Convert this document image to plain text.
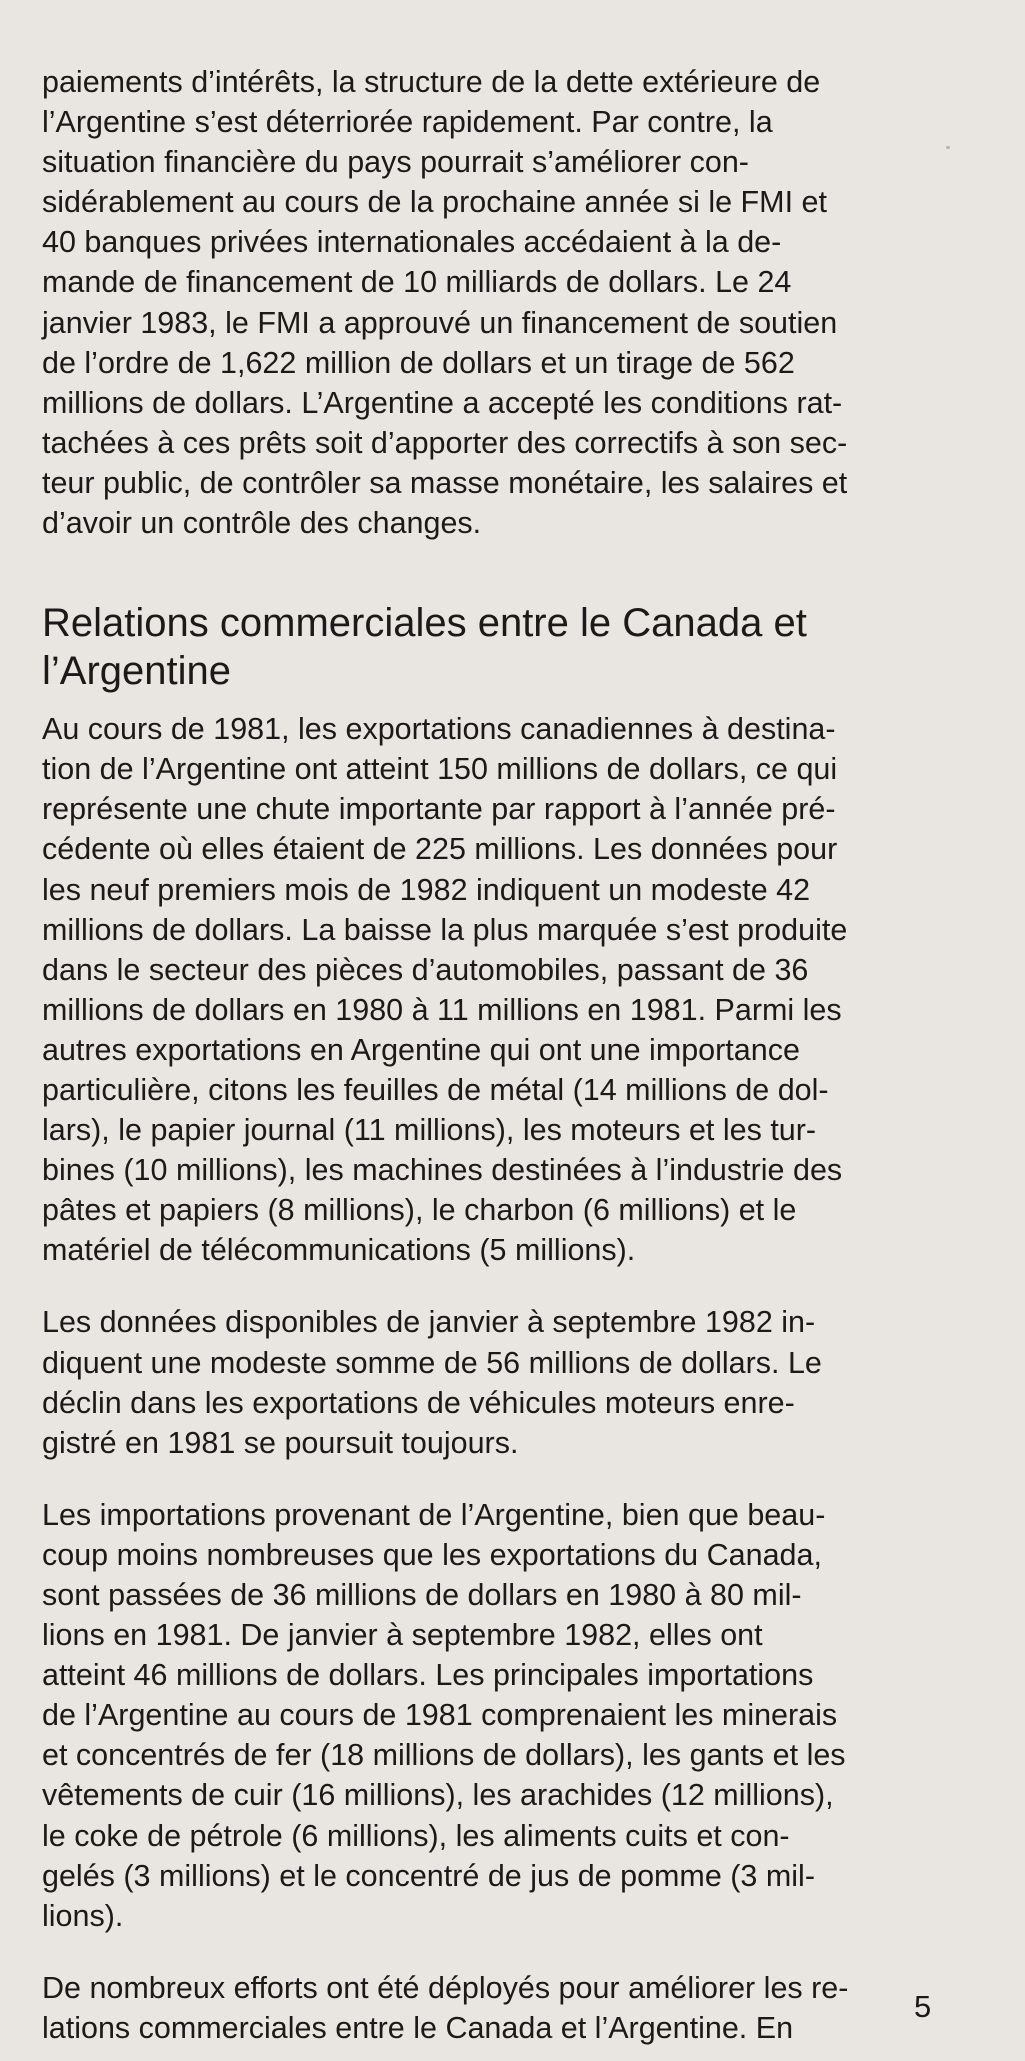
paiements d’intérêts, la structure de la dette extérieure de
l’Argentine s’est déterriorée rapidement. Par contre, la
situation financière du pays pourrait s’améliorer con-
sidérablement au cours de la prochaine année si le FMI et
40 banques privées internationales accédaient à la de-
mande de financement de 10 milliards de dollars. Le 24
janvier 1983, le FMI a approuvé un financement de soutien
de l’ordre de 1,622 million de dollars et un tirage de 562
millions de dollars. L’Argentine a accepté les conditions rat-
tachées à ces prêts soit d’apporter des correctifs à son sec-
teur public, de contrôler sa masse monétaire, les salaires et
d’avoir un contrôle des changes.

Relations commerciales entre le Canada et
l’Argentine

Au cours de 1981, les exportations canadiennes à destina-
tion de l’Argentine ont atteint 150 millions de dollars, ce qui
représente une chute importante par rapport à l’année pré-
cédente où elles étaient de 225 millions. Les données pour
les neuf premiers mois de 1982 indiquent un modeste 42
millions de dollars. La baisse la plus marquée s’est produite
dans le secteur des pièces d’automobiles, passant de 36
millions de dollars en 1980 à 11 millions en 1981. Parmi les
autres exportations en Argentine qui ont une importance
particulière, citons les feuilles de métal (14 millions de dol-
lars), le papier journal (11 millions), les moteurs et les tur-
bines (10 millions), les machines destinées à l’industrie des
pâtes et papiers (8 millions), le charbon (6 millions) et le
matériel de télécommunications (5 millions).

Les données disponibles de janvier à septembre 1982 in-
diquent une modeste somme de 56 millions de dollars. Le
déclin dans les exportations de véhicules moteurs enre-
gistré en 1981 se poursuit toujours.

Les importations provenant de l’Argentine, bien que beau-
coup moins nombreuses que les exportations du Canada,
sont passées de 36 millions de dollars en 1980 à 80 mil-
lions en 1981. De janvier à septembre 1982, elles ont
atteint 46 millions de dollars. Les principales importations
de l’Argentine au cours de 1981 comprenaient les minerais
et concentrés de fer (18 millions de dollars), les gants et les
vêtements de cuir (16 millions), les arachides (12 millions),
le coke de pétrole (6 millions), les aliments cuits et con-
gelés (3 millions) et le concentré de jus de pomme (3 mil-
lions).

De nombreux efforts ont été déployés pour améliorer les re-
lations commerciales entre le Canada et l’Argentine. En

5
